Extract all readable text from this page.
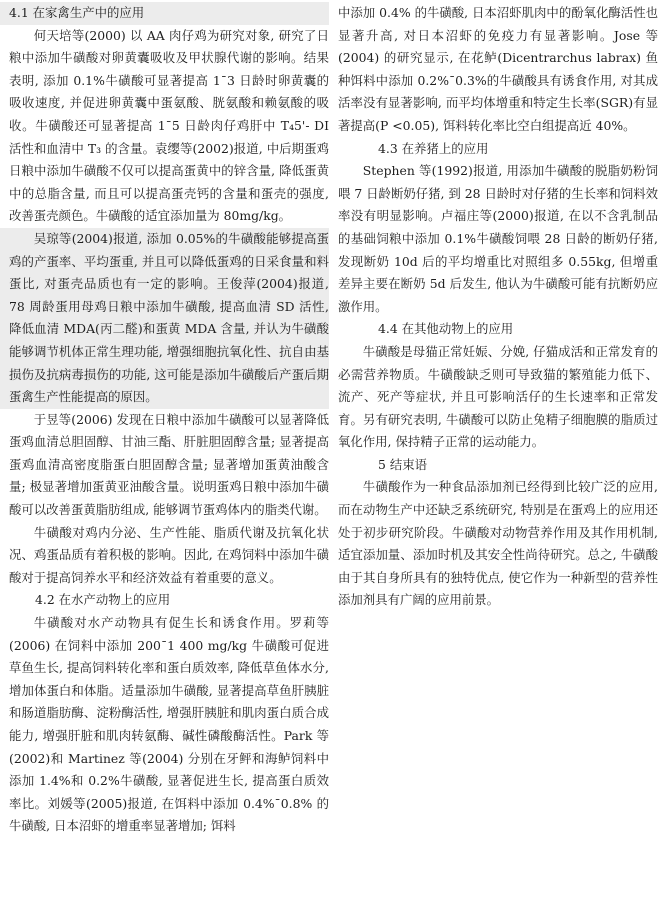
4.1 在家禽生产中的应用

何天培等(2000) 以 AA 肉仔鸡为研究对象, 研究了日粮中添加牛磺酸对卵黄囊吸收及甲状腺代谢的影响。结果表明, 添加 0.1%牛磺酸可显著提高 1¯3 日龄时卵黄囊的吸收速度, 并促进卵黄囊中蛋氨酸、胱氨酸和赖氨酸的吸收。牛磺酸还可显著提高 1¯5 日龄肉仔鸡肝中 T₄5'- DI 活性和血清中 T₃ 的含量。袁缨等(2002)报道, 中后期蛋鸡日粮中添加牛磺酸不仅可以提高蛋黄中的锌含量, 降低蛋黄中的总脂含量, 而且可以提高蛋壳钙的含量和蛋壳的强度, 改善蛋壳颜色。牛磺酸的适宜添加量为 80mg/kg。

吴琼等(2004)报道, 添加 0.05%的牛磺酸能够提高蛋鸡的产蛋率、平均蛋重, 并且可以降低蛋鸡的日采食量和料蛋比, 对蛋壳品质也有一定的影响。王俊萍(2004)报道, 78 周龄蛋用母鸡日粮中添加牛磺酸, 提高血清 SD 活性, 降低血清 MDA(丙二醛)和蛋黄 MDA 含量, 并认为牛磺酸能够调节机体正常生理功能, 增强细胞抗氧化性、抗自由基损伤及抗病毒损伤的功能, 这可能是添加牛磺酸后产蛋后期蛋禽生产性能提高的原因。

于昱等(2006) 发现在日粮中添加牛磺酸可以显著降低蛋鸡血清总胆固醇、甘油三酯、肝脏胆固醇含量; 显著提高蛋鸡血清高密度脂蛋白胆固醇含量; 显著增加蛋黄油酸含量; 极显著增加蛋黄亚油酸含量。说明蛋鸡日粮中添加牛磺酸可以改善蛋黄脂肪组成, 能够调节蛋鸡体内的脂类代谢。

牛磺酸对鸡内分泌、生产性能、脂质代谢及抗氧化状况、鸡蛋品质有着积极的影响。因此, 在鸡饲料中添加牛磺酸对于提高饲养水平和经济效益有着重要的意义。

4.2 在水产动物上的应用

牛磺酸对水产动物具有促生长和诱食作用。罗莉等(2006) 在饲料中添加 200¯1 400 mg/kg 牛磺酸可促进草鱼生长, 提高饲料转化率和蛋白质效率, 降低草鱼体水分, 增加体蛋白和体脂。适量添加牛磺酸, 显著提高草鱼肝胰脏和肠道脂肪酶、淀粉酶活性, 增强肝胰脏和肌肉蛋白质合成能力, 增强肝脏和肌肉转氨酶、碱性磷酸酶活性。Park 等(2002)和 Martinez 等(2004) 分别在牙鲆和海鲈饲料中添加 1.4%和 0.2%牛磺酸, 显著促进生长, 提高蛋白质效率比。刘媛等(2005)报道, 在饵料中添加 0.4%¯0.8% 的牛磺酸, 日本沼虾的增重率显著增加; 饵料

中添加 0.4% 的牛磺酸, 日本沼虾肌肉中的酚氧化酶活性也显著升高, 对日本沼虾的免疫力有显著影响。Jose 等(2004) 的研究显示, 在花鲈(Dicentrarchus labrax) 鱼种饵料中添加 0.2%¯0.3%的牛磺酸具有诱食作用, 对其成活率没有显著影响, 而平均体增重和特定生长率(SGR)有显著提高(P <0.05), 饵料转化率比空白组提高近 40%。

4.3 在养猪上的应用

Stephen 等(1992)报道, 用添加牛磺酸的脱脂奶粉饲喂 7 日龄断奶仔猪, 到 28 日龄时对仔猪的生长率和饲料效率没有明显影响。卢福庄等(2000)报道, 在以不含乳制品的基础饲粮中添加 0.1%牛磺酸饲喂 28 日龄的断奶仔猪, 发现断奶 10d 后的平均增重比对照组多 0.55kg, 但增重差异主要在断奶 5d 后发生, 他认为牛磺酸可能有抗断奶应激作用。

4.4 在其他动物上的应用

牛磺酸是母猫正常妊娠、分娩, 仔猫成活和正常发育的必需营养物质。牛磺酸缺乏则可导致猫的繁殖能力低下、流产、死产等症状, 并且可影响活仔的生长速率和正常发育。另有研究表明, 牛磺酸可以防止兔精子细胞膜的脂质过氧化作用, 保持精子正常的运动能力。

5 结束语

牛磺酸作为一种食品添加剂已经得到比较广泛的应用, 而在动物生产中还缺乏系统研究, 特别是在蛋鸡上的应用还处于初步研究阶段。牛磺酸对动物营养作用及其作用机制, 适宜添加量、添加时机及其安全性尚待研究。总之, 牛磺酸由于其自身所具有的独特优点, 使它作为一种新型的营养性添加剂具有广阔的应用前景。
